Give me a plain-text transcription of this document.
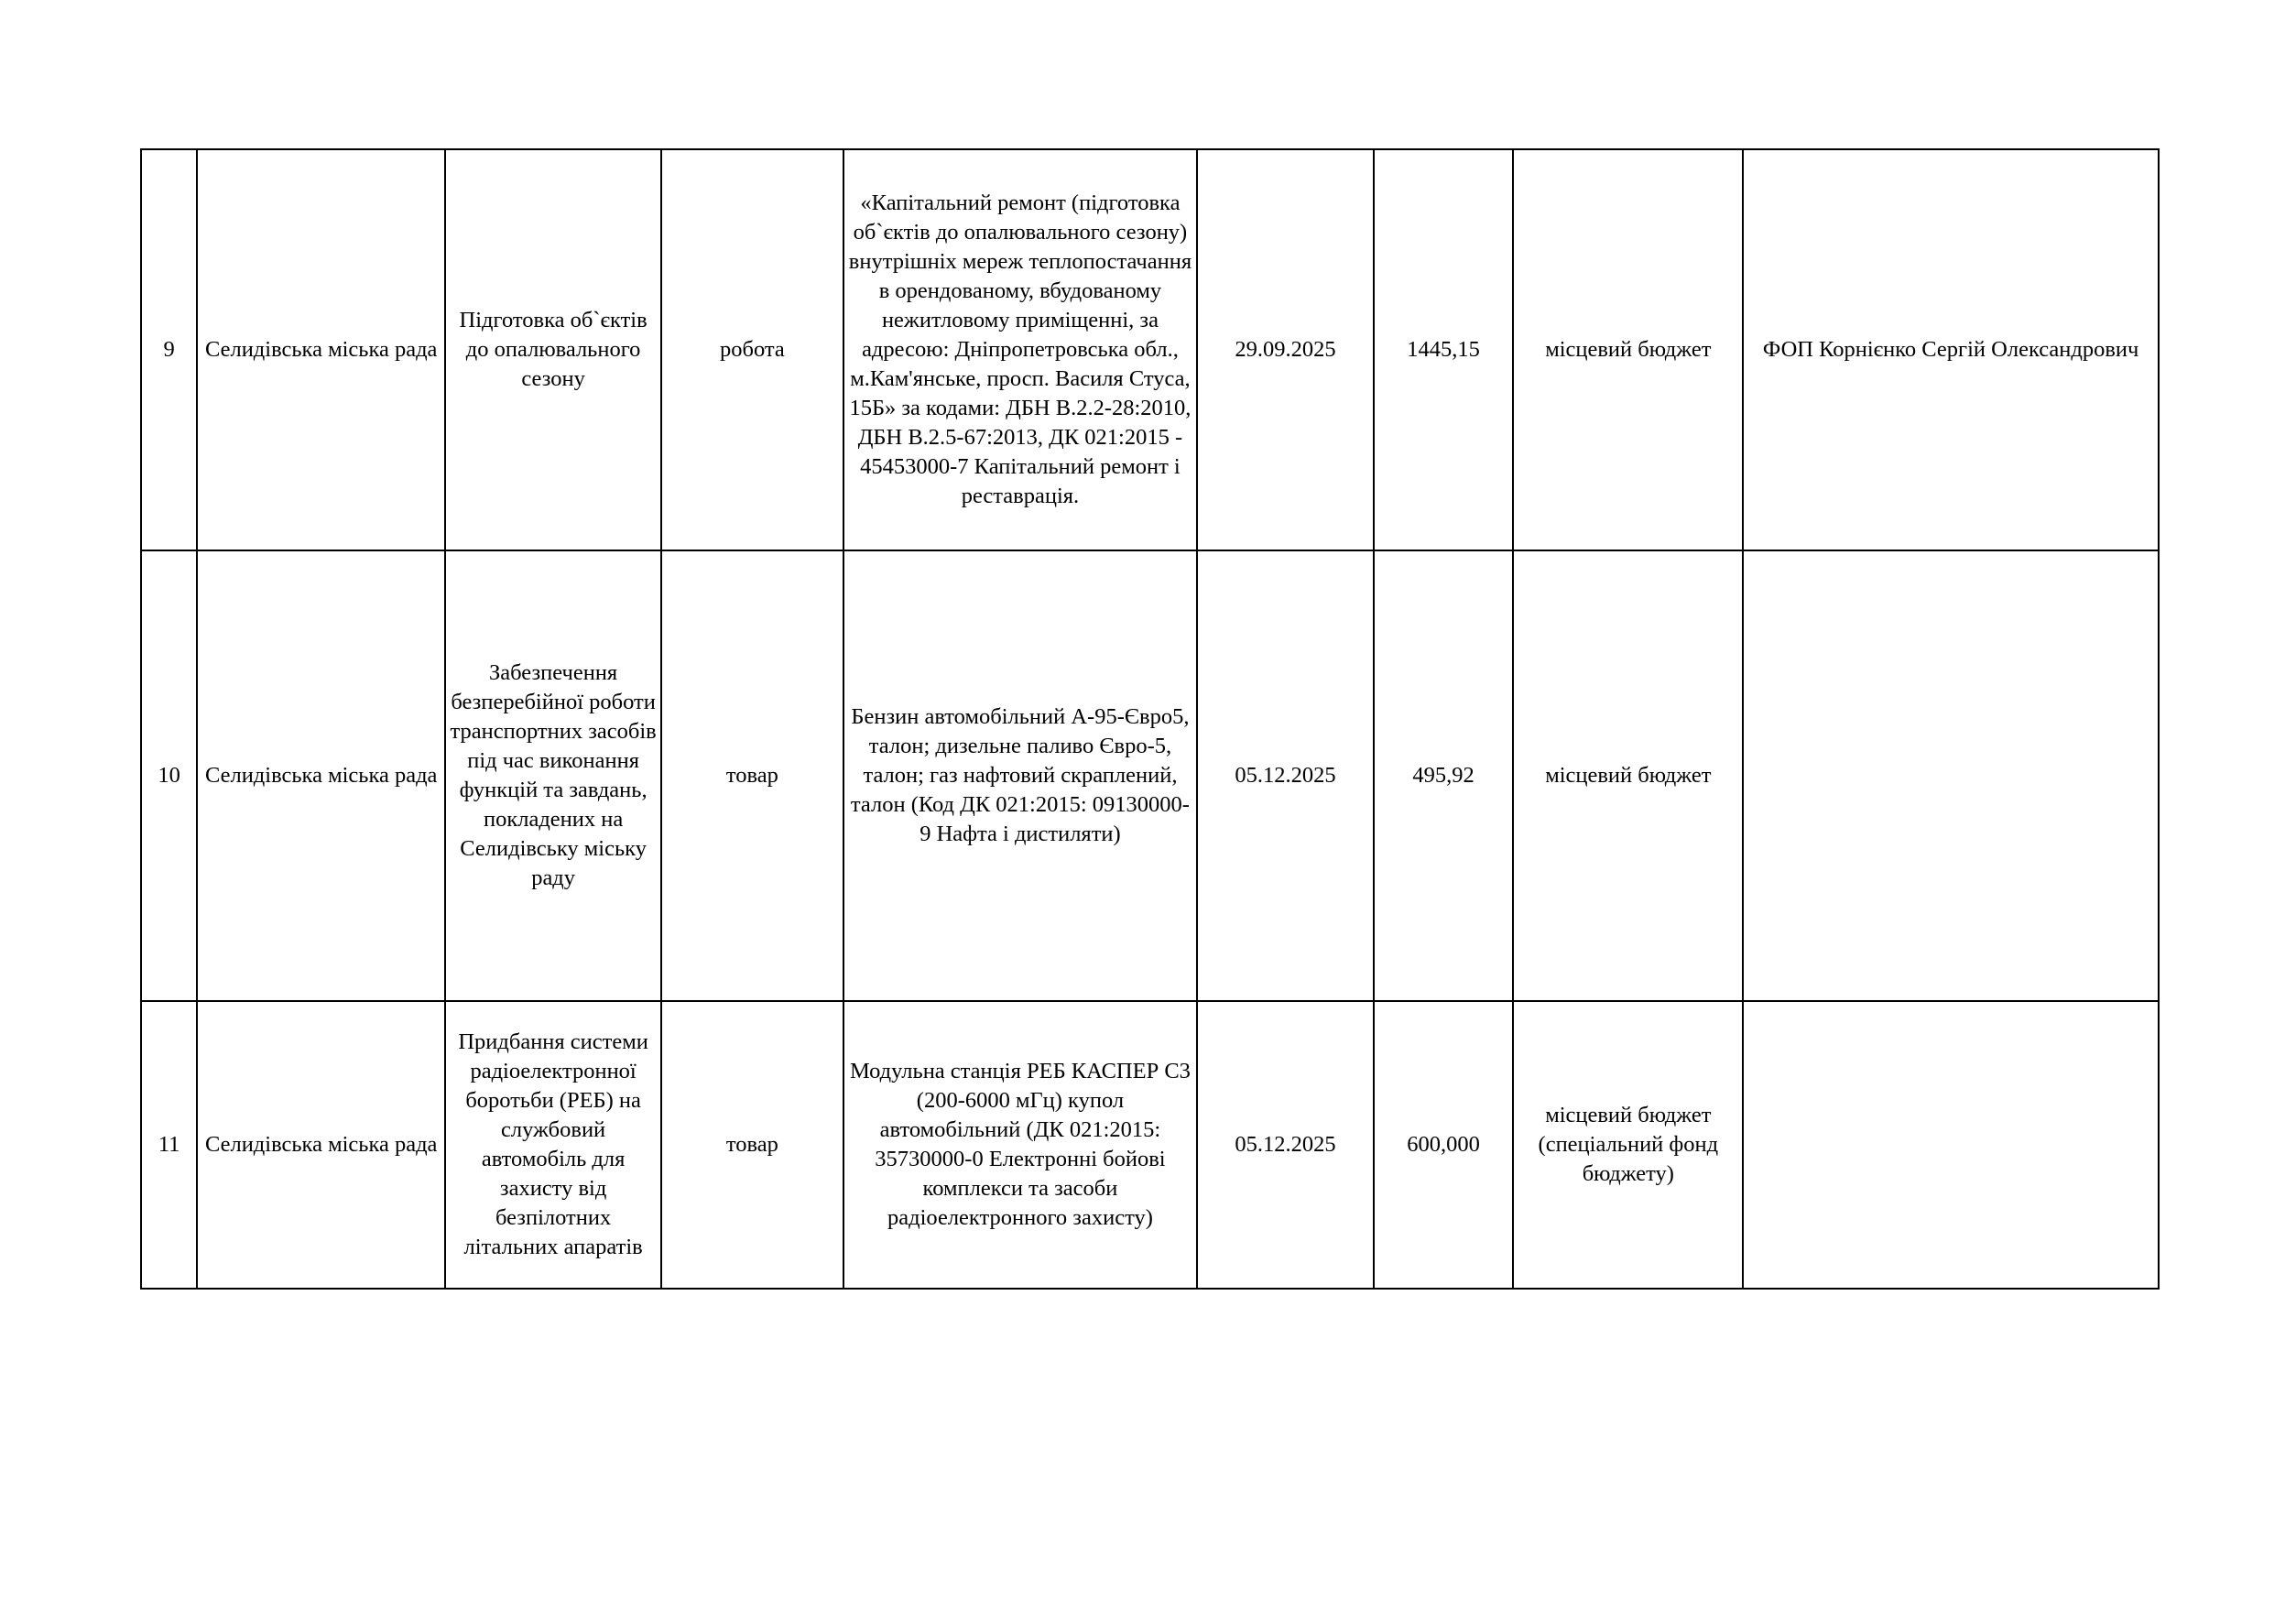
9	Селидівська міська рада	Підготовка об`єктів до опалювального сезону	робота	«Капітальний ремонт (підготовка об`єктів до опалювального сезону) внутрішніх мереж теплопостачання в орендованому, вбудованому нежитловому приміщенні, за адресою: Дніпропетровська обл., м.Кам'янське, просп. Василя Стуса, 15Б» за кодами: ДБН В.2.2-28:2010, ДБН В.2.5-67:2013, ДК 021:2015 - 45453000-7 Капітальний ремонт і реставрація.	29.09.2025	1445,15	місцевий бюджет	ФОП Корнієнко Сергій Олександрович
10	Селидівська міська рада	Забезпечення безперебійної роботи транспортних засобів під час виконання функцій та завдань, покладених на Селидівську міську раду	товар	Бензин автомобільний А-95-Євро5, талон; дизельне паливо Євро-5, талон; газ нафтовий скраплений, талон (Код ДК 021:2015: 09130000-9 Нафта і дистиляти)	05.12.2025	495,92	місцевий бюджет	
11	Селидівська міська рада	Придбання системи радіоелектронної боротьби (РЕБ) на службовий автомобіль для захисту від безпілотних літальних апаратів	товар	Модульна станція РЕБ КАСПЕР С3 (200-6000 мГц) купол автомобільний (ДК 021:2015: 35730000-0 Електронні бойові комплекси та засоби радіоелектронного захисту)	05.12.2025	600,000	місцевий бюджет (спеціальний фонд бюджету)	
